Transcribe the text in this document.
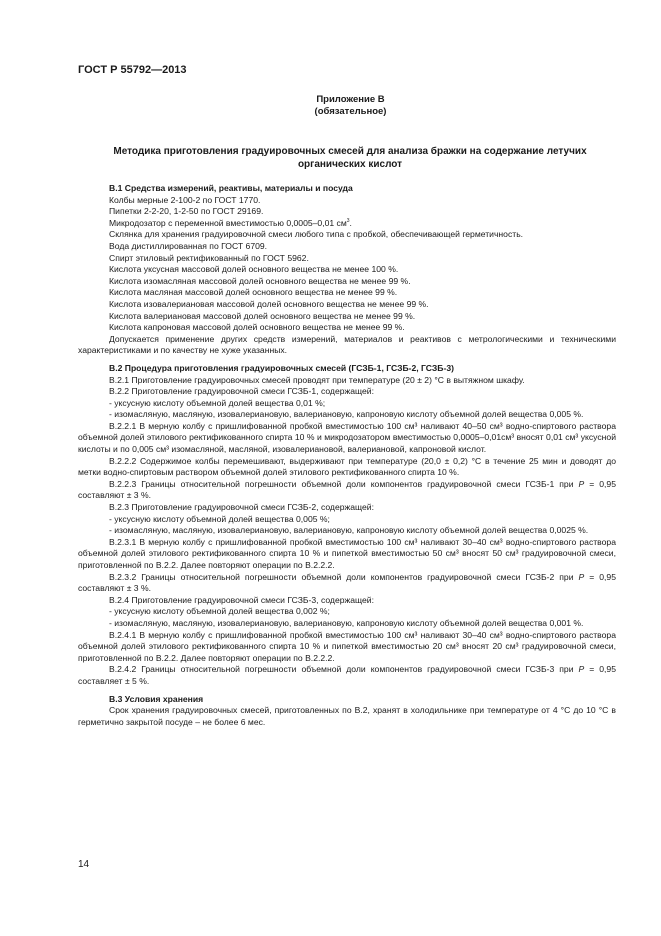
ГОСТ Р 55792—2013
Приложение В
(обязательное)
Методика приготовления градуировочных смесей для анализа бражки на содержание летучих органических кислот

В.1 Средства измерений, реактивы, материалы и посуда

Колбы мерные 2-100-2 по ГОСТ 1770.

Пипетки 2-2-20, 1-2-50 по ГОСТ 29169.

Микродозатор с переменной вместимостью 0,0005–0,01 $см^3$.

Склянка для хранения градуировочной смеси любого типа с пробкой, обеспечивающей герметичность.

Вода дистиллированная по ГОСТ 6709.

Спирт этиловый ректификованный по ГОСТ 5962.

Кислота уксусная массовой долей основного вещества не менее 100 %.

Кислота изомасляная массовой долей основного вещества не менее 99 %.

Кислота масляная массовой долей основного вещества не менее 99 %.

Кислота изовалериановая массовой долей основного вещества не менее 99 %.

Кислота валериановая массовой долей основного вещества не менее 99 %.

Кислота капроновая массовой долей основного вещества не менее 99 %.

Допускается применение других средств измерений, материалов и реактивов с метрологическими и техническими характеристиками и по качеству не хуже указанных.

В.2 Процедура приготовления градуировочных смесей (ГСЗБ-1, ГСЗБ-2, ГСЗБ-3)

В.2.1 Приготовление градуировочных смесей проводят при температуре (20 ± 2) °С в вытяжном шкафу.

В.2.2 Приготовление градуировочной смеси ГСЗБ-1, содержащей:

- уксусную кислоту объемной долей вещества 0,01 %;

- изомасляную, масляную, изовалериановую, валериановую, капроновую кислоту объемной долей вещества 0,005 %.

В.2.2.1 В мерную колбу с пришлифованной пробкой вместимостью 100 см³ наливают 40–50 см³ водно-спиртового раствора объемной долей этилового ректификованного спирта 10 % и микродозатором вместимостью 0,0005–0,01см³ вносят 0,01 см³ уксусной кислоты и по 0,005 см³ изомасляной, масляной, изовалериановой, валериановой, капроновой кислот.

В.2.2.2 Содержимое колбы перемешивают, выдерживают при температуре (20,0 ± 0,2) °С в течение 25 мин и доводят до метки водно-спиртовым раствором объемной долей этилового ректификованного спирта 10 %.

В.2.2.3 Границы относительной погрешности объемной доли компонентов градуировочной смеси ГСЗБ-1 при Р = 0,95 составляют ± 3 %.

В.2.3 Приготовление градуировочной смеси ГСЗБ-2, содержащей:

- уксусную кислоту объемной долей вещества 0,005 %;

- изомасляную, масляную, изовалериановую, валериановую, капроновую кислоту объемной долей вещества 0,0025 %.

В.2.3.1 В мерную колбу с пришлифованной пробкой вместимостью 100 см³ наливают 30–40 см³ водно-спиртового раствора объемной долей этилового ректификованного спирта 10 % и пипеткой вместимостью 50 см³ вносят 50 см³ градуировочной смеси, приготовленной по В.2.2. Далее повторяют операции по В.2.2.2.

В.2.3.2 Границы относительной погрешности объемной доли компонентов градуировочной смеси ГСЗБ-2 при Р = 0,95 составляют ± 3 %.

В.2.4 Приготовление градуировочной смеси ГСЗБ-3, содержащей:

- уксусную кислоту объемной долей вещества 0,002 %;

- изомасляную, масляную, изовалериановую, валериановую, капроновую кислоту объемной долей вещества 0,001 %.

В.2.4.1 В мерную колбу с пришлифованной пробкой вместимостью 100 см³ наливают 30–40 см³ водно-спиртового раствора объемной долей этилового ректификованного спирта 10 % и пипеткой вместимостью 20 см³ вносят 20 см³ градуировочной смеси, приготовленной по В.2.2. Далее повторяют операции по В.2.2.2.

В.2.4.2 Границы относительной погрешности объемной доли компонентов градуировочной смеси ГСЗБ-3 при Р = 0,95 составляет ± 5 %.

В.3 Условия хранения

Срок хранения градуировочных смесей, приготовленных по В.2, хранят в холодильнике при температуре от 4 °С до 10 °С в герметично закрытой посуде – не более 6 мес.

14
